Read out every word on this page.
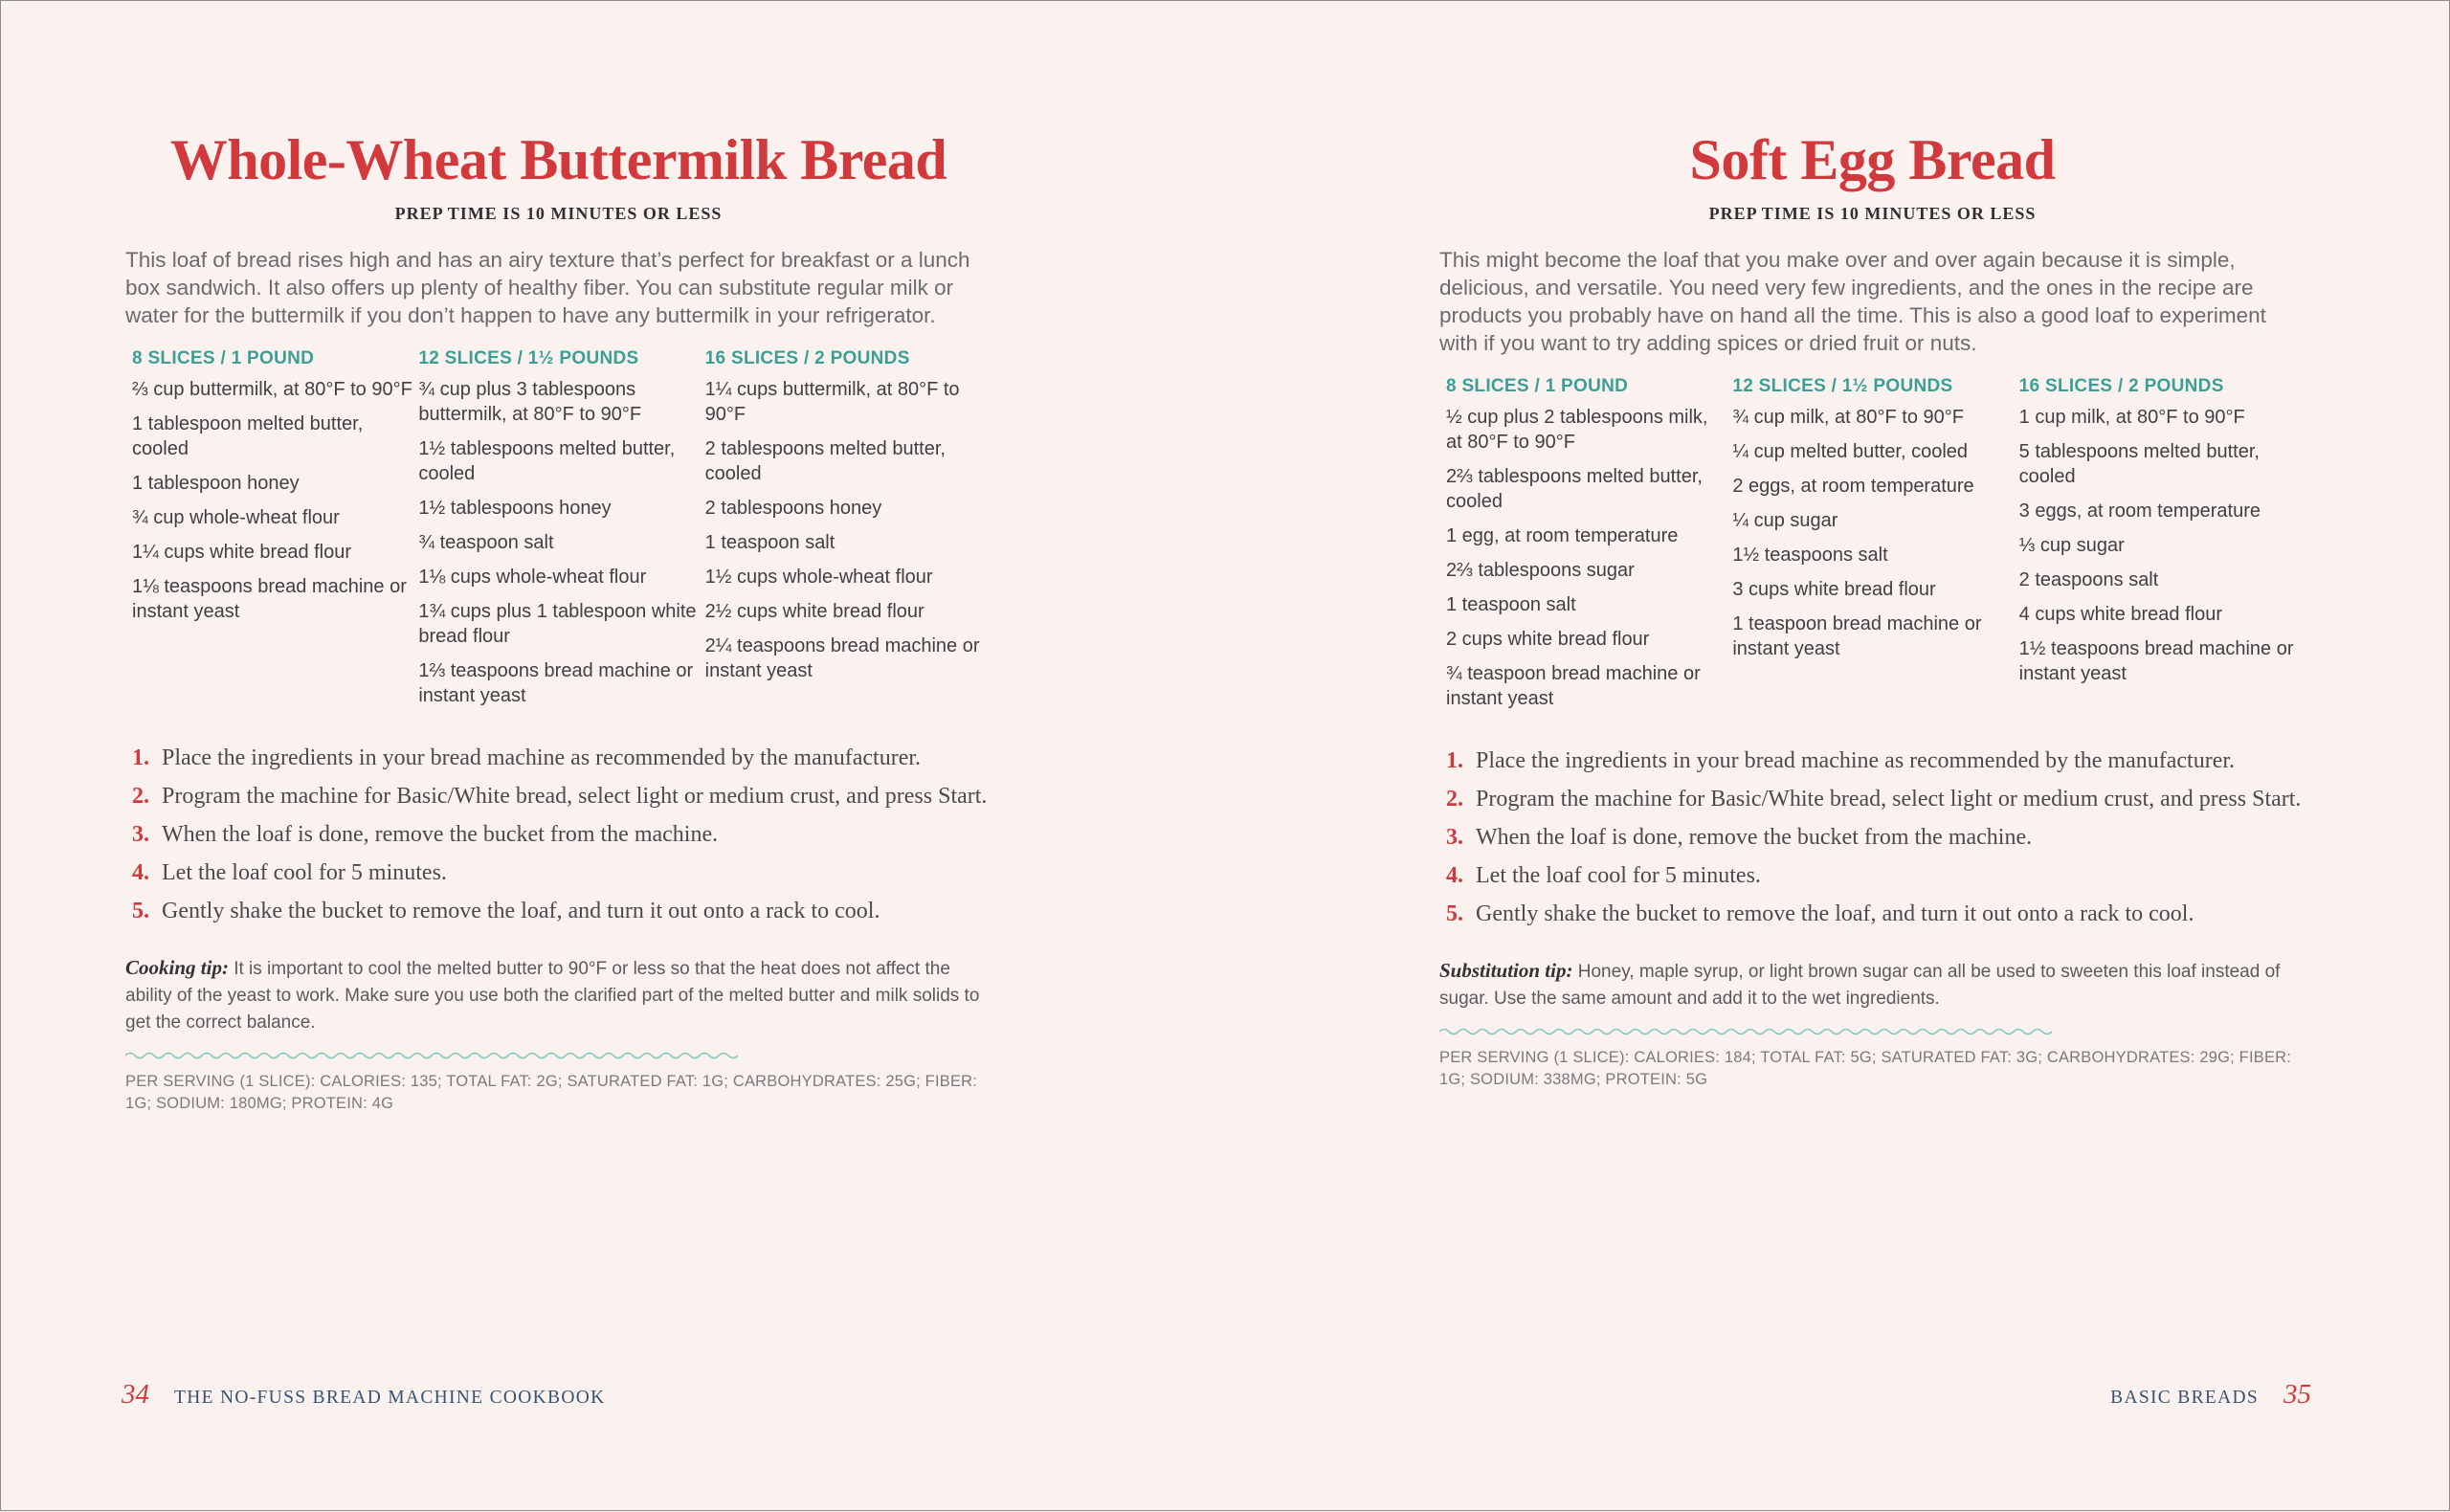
Whole-Wheat Buttermilk Bread
PREP TIME IS 10 MINUTES OR LESS
This loaf of bread rises high and has an airy texture that’s perfect for breakfast or a lunch box sandwich. It also offers up plenty of healthy fiber. You can substitute regular milk or water for the buttermilk if you don’t happen to have any buttermilk in your refrigerator.
8 SLICES / 1 POUND
⅔ cup buttermilk, at 80°F to 90°F
1 tablespoon melted butter, cooled
1 tablespoon honey
¾ cup whole-wheat flour
1¼ cups white bread flour
1⅛ teaspoons bread machine or instant yeast
12 SLICES / 1½ POUNDS
¾ cup plus 3 tablespoons buttermilk, at 80°F to 90°F
1½ tablespoons melted butter, cooled
1½ tablespoons honey
¾ teaspoon salt
1⅛ cups whole-wheat flour
1¾ cups plus 1 tablespoon white bread flour
1⅔ teaspoons bread machine or instant yeast
16 SLICES / 2 POUNDS
1¼ cups buttermilk, at 80°F to 90°F
2 tablespoons melted butter, cooled
2 tablespoons honey
1 teaspoon salt
1½ cups whole-wheat flour
2½ cups white bread flour
2¼ teaspoons bread machine or instant yeast
1. Place the ingredients in your bread machine as recommended by the manufacturer.
2. Program the machine for Basic/White bread, select light or medium crust, and press Start.
3. When the loaf is done, remove the bucket from the machine.
4. Let the loaf cool for 5 minutes.
5. Gently shake the bucket to remove the loaf, and turn it out onto a rack to cool.
Cooking tip: It is important to cool the melted butter to 90°F or less so that the heat does not affect the ability of the yeast to work. Make sure you use both the clarified part of the melted butter and milk solids to get the correct balance.
PER SERVING (1 SLICE): CALORIES: 135; TOTAL FAT: 2G; SATURATED FAT: 1G; CARBOHYDRATES: 25G; FIBER: 1G; SODIUM: 180MG; PROTEIN: 4G
34 THE NO-FUSS BREAD MACHINE COOKBOOK
Soft Egg Bread
PREP TIME IS 10 MINUTES OR LESS
This might become the loaf that you make over and over again because it is simple, delicious, and versatile. You need very few ingredients, and the ones in the recipe are products you probably have on hand all the time. This is also a good loaf to experiment with if you want to try adding spices or dried fruit or nuts.
8 SLICES / 1 POUND
½ cup plus 2 tablespoons milk, at 80°F to 90°F
2⅔ tablespoons melted butter, cooled
1 egg, at room temperature
2⅔ tablespoons sugar
1 teaspoon salt
2 cups white bread flour
¾ teaspoon bread machine or instant yeast
12 SLICES / 1½ POUNDS
¾ cup milk, at 80°F to 90°F
¼ cup melted butter, cooled
2 eggs, at room temperature
¼ cup sugar
1½ teaspoons salt
3 cups white bread flour
1 teaspoon bread machine or instant yeast
16 SLICES / 2 POUNDS
1 cup milk, at 80°F to 90°F
5 tablespoons melted butter, cooled
3 eggs, at room temperature
⅓ cup sugar
2 teaspoons salt
4 cups white bread flour
1½ teaspoons bread machine or instant yeast
1. Place the ingredients in your bread machine as recommended by the manufacturer.
2. Program the machine for Basic/White bread, select light or medium crust, and press Start.
3. When the loaf is done, remove the bucket from the machine.
4. Let the loaf cool for 5 minutes.
5. Gently shake the bucket to remove the loaf, and turn it out onto a rack to cool.
Substitution tip: Honey, maple syrup, or light brown sugar can all be used to sweeten this loaf instead of sugar. Use the same amount and add it to the wet ingredients.
PER SERVING (1 SLICE): CALORIES: 184; TOTAL FAT: 5G; SATURATED FAT: 3G; CARBOHYDRATES: 29G; FIBER: 1G; SODIUM: 338MG; PROTEIN: 5G
BASIC BREADS 35
